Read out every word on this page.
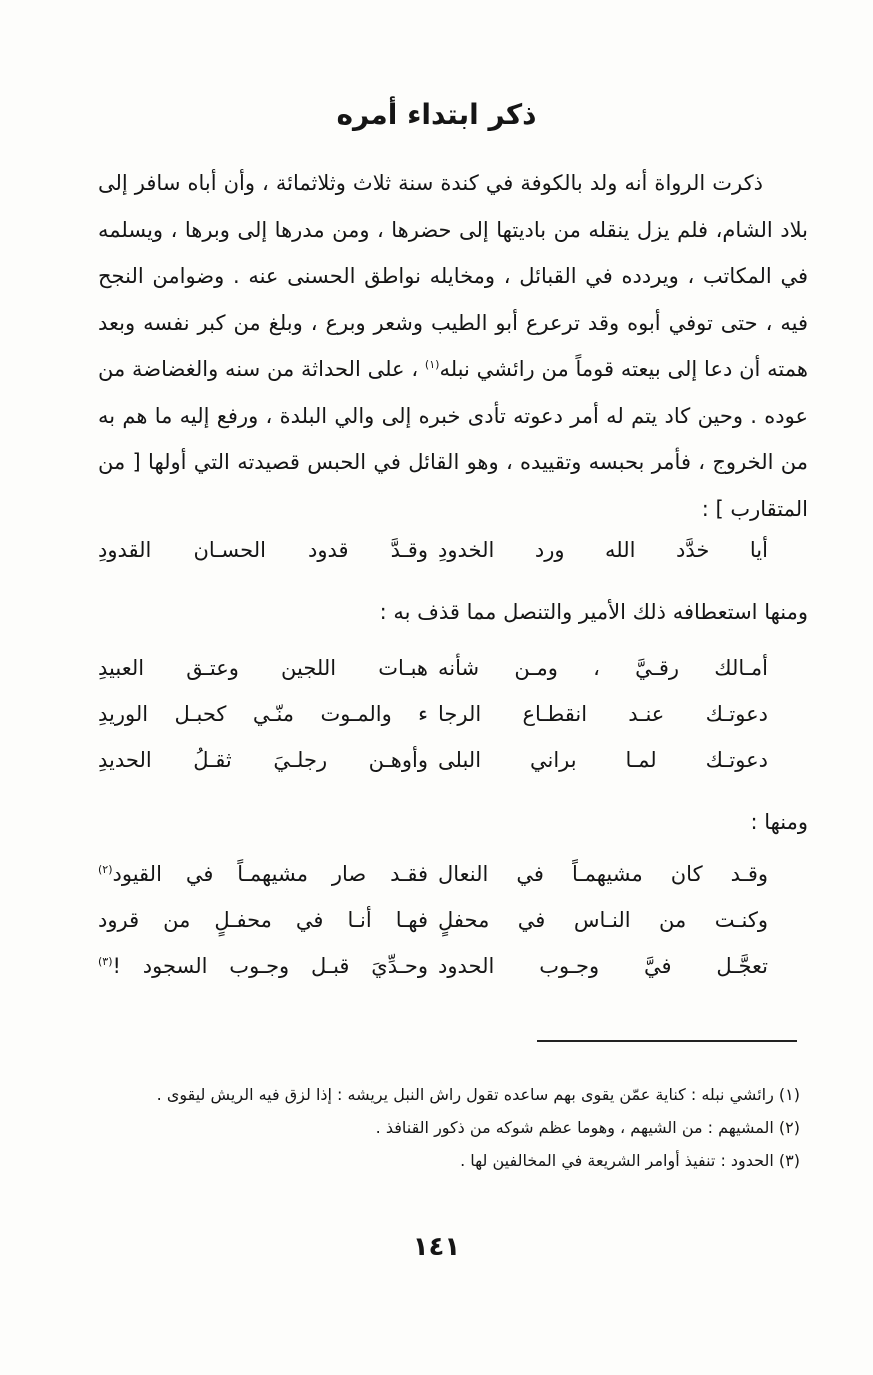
ذكر ابتداء أمره

ذكرت الرواة أنه ولد بالكوفة في كندة سنة ثلاث وثلاثمائة ، وأن أباه سافر إلى بلاد الشام، فلم يزل ينقله من باديتها إلى حضرها ، ومن مدرها إلى وبرها ، ويسلمه في المكاتب ، ويردده في القبائل ، ومخايله نواطق الحسنى عنه . وضوامن النجح فيه ، حتى توفي أبوه وقد ترعرع أبو الطيب وشعر وبرع ، وبلغ من كبر نفسه وبعد همته أن دعا إلى بيعته قوماً من رائشي نبله$^{(١)}$ ، على الحداثة من سنه والغضاضة من عوده . وحين كاد يتم له أمر دعوته تأدى خبره إلى والي البلدة ، ورفع إليه ما هم به من الخروج ، فأمر بحبسه وتقييده ، وهو القائل في الحبس قصيدته التي أولها [ من المتقارب ] :

أيا خدَّد الله ورد الخدودِ
وقـدَّ قدود الحسـان القدودِ
ومنها استعطافه ذلك الأمير والتنصل مما قذف به :
أمـالك رقـيَّ ، ومـن شأنه
هبـات اللجين وعتـق العبيدِ
دعوتـك عنـد انقطـاع الرجا
ء والمـوت منّـي كحبـل الوريدِ
دعوتـك لمـا براني البلى
وأوهـن رجلـيَ ثقـلُ الحديدِ
ومنها :
وقـد كان مشيهمـاً في النعال
فقـد صار مشيهمـاً في القيود$^{(٢)}$
وكنـت من النـاس في محفلٍ
فهـا أنـا في محفـلٍ من قرود
تعجَّـل فيَّ وجـوب الحدود
وحـدِّيَ قبـل وجـوب السجود !$^{(٣)}$
(١) رائشي نبله : كناية عمّن يقوى بهم ساعده تقول راش النبل يريشه : إذا لزق فيه الريش ليقوى .
(٢) المشيهم : من الشيهم ، وهوما عظم شوكه من ذكور القنافذ .
(٣) الحدود : تنفيذ أوامر الشريعة في المخالفين لها .
١٤١
